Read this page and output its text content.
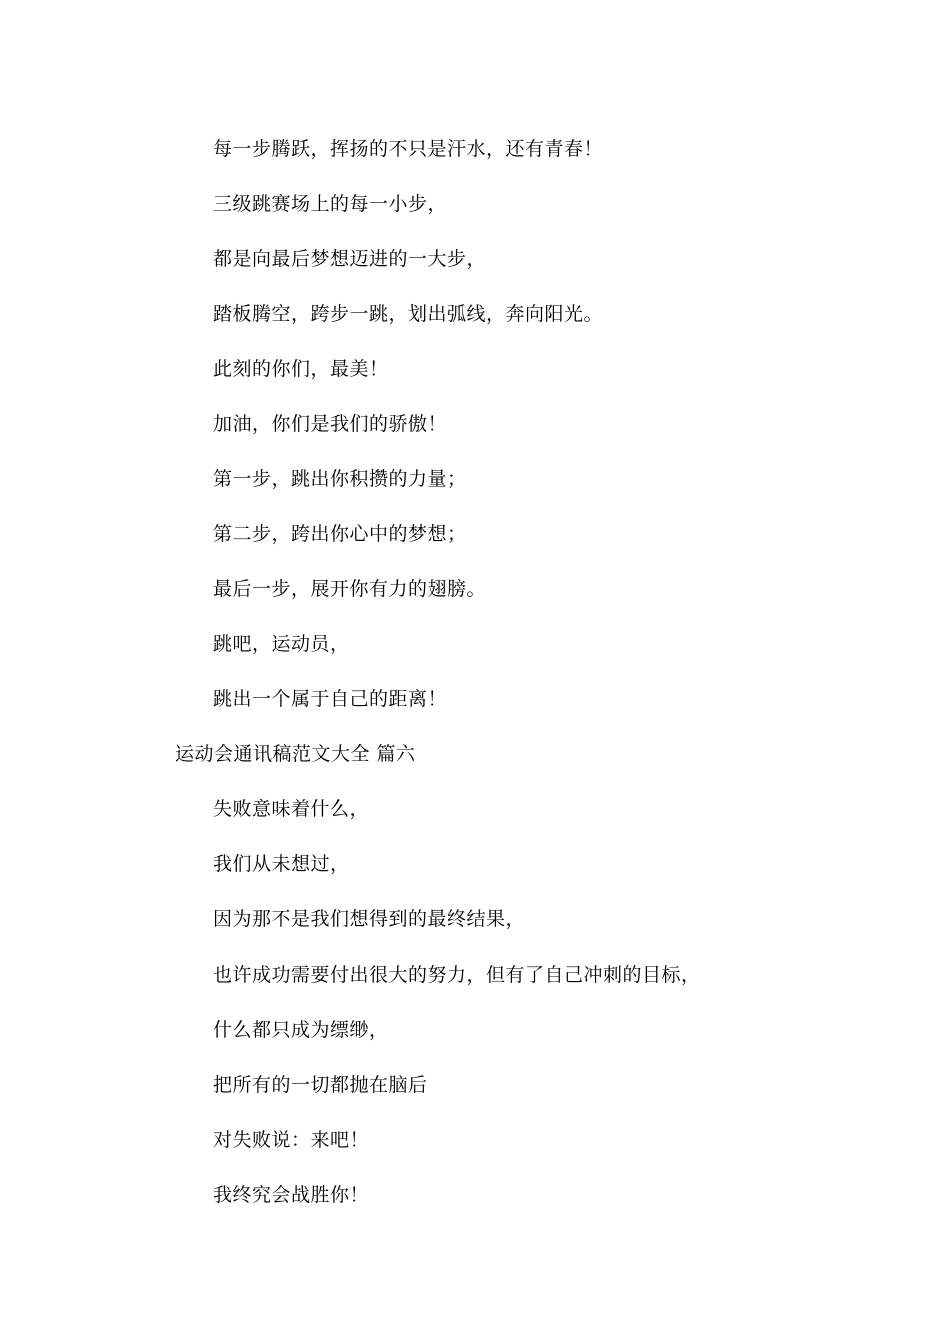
每一步腾跃，挥扬的不只是汗水，还有青春！

三级跳赛场上的每一小步，

都是向最后梦想迈进的一大步，

踏板腾空，跨步一跳，划出弧线，奔向阳光。

此刻的你们，最美！

加油，你们是我们的骄傲！

第一步，跳出你积攒的力量；

第二步，跨出你心中的梦想；

最后一步，展开你有力的翅膀。

跳吧，运动员，

跳出一个属于自己的距离！

运动会通讯稿范文大全 篇六

失败意味着什么，

我们从未想过，

因为那不是我们想得到的最终结果，

也许成功需要付出很大的努力，但有了自己冲刺的目标，

什么都只成为缥缈，

把所有的一切都抛在脑后

对失败说：来吧！

我终究会战胜你！
